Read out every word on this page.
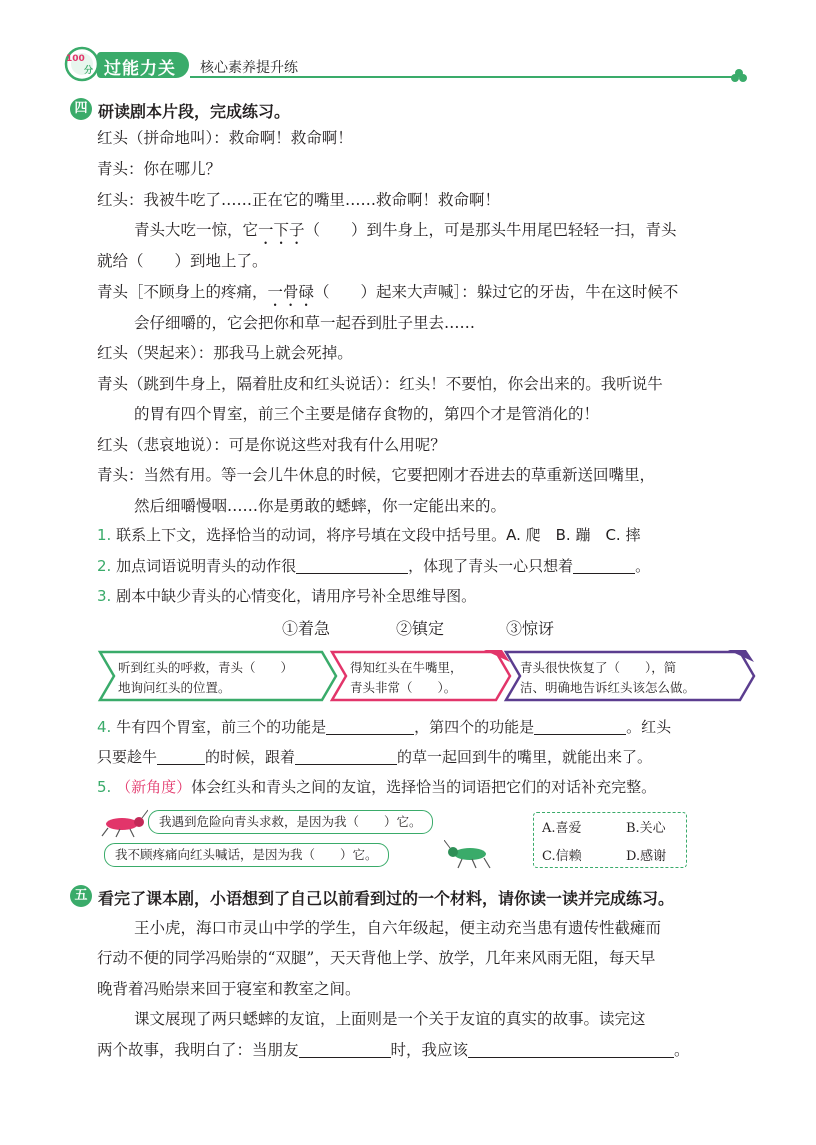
100
分 过能力关 核心素养提升练
四 研读剧本片段，完成练习。
红头（拼命地叫）：救命啊！救命啊！
青头：你在哪儿？
红头：我被牛吃了……正在它的嘴里……救命啊！救命啊！
青头大吃一惊，它一下子（　　）到牛身上，可是那头牛用尾巴轻轻一扫，青头
就给（　　）到地上了。
青头［不顾身上的疼痛，一骨碌（　　）起来大声喊］：躲过它的牙齿，牛在这时候不
会仔细嚼的，它会把你和草一起吞到肚子里去……
红头（哭起来）：那我马上就会死掉。
青头（跳到牛身上，隔着肚皮和红头说话）：红头！不要怕，你会出来的。我听说牛
的胃有四个胃室，前三个主要是储存食物的，第四个才是管消化的！
红头（悲哀地说）：可是你说这些对我有什么用呢？
青头：当然有用。等一会儿牛休息的时候，它要把刚才吞进去的草重新送回嘴里，
然后细嚼慢咽……你是勇敢的蟋蟀，你一定能出来的。
1. 联系上下文，选择恰当的动词，将序号填在文段中括号里。A. 爬　B. 蹦　C. 摔
2. 加点词语说明青头的动作很	，体现了青头一心只想着	。
3. 剧本中缺少青头的心情变化，请用序号补全思维导图。
①着急	②镇定	③惊讶
听到红头的呼救，青头（　　）
地询问红头的位置。
得知红头在牛嘴里，
青头非常（　　）。
青头很快恢复了（　　），简
洁、明确地告诉红头该怎么做。
4. 牛有四个胃室，前三个的功能是	，第四个的功能是	。红头
只要趁牛	的时候，跟着	的草一起回到牛的嘴里，就能出来了。
5. （新角度）体会红头和青头之间的友谊，选择恰当的词语把它们的对话补充完整。
我遇到危险向青头求救，是因为我（　　）它。
我不顾疼痛向红头喊话，是因为我（　　）它。
A.喜爱	B.关心
C.信赖	D.感谢
五 看完了课本剧，小语想到了自己以前看到过的一个材料，请你读一读并完成练习。
王小虎，海口市灵山中学的学生，自六年级起，便主动充当患有遗传性截瘫而
行动不便的同学冯贻崇的“双腿”，天天背他上学、放学，几年来风雨无阻，每天早
晚背着冯贻崇来回于寝室和教室之间。
课文展现了两只蟋蟀的友谊，上面则是一个关于友谊的真实的故事。读完这
两个故事，我明白了：当朋友	时，我应该	。
